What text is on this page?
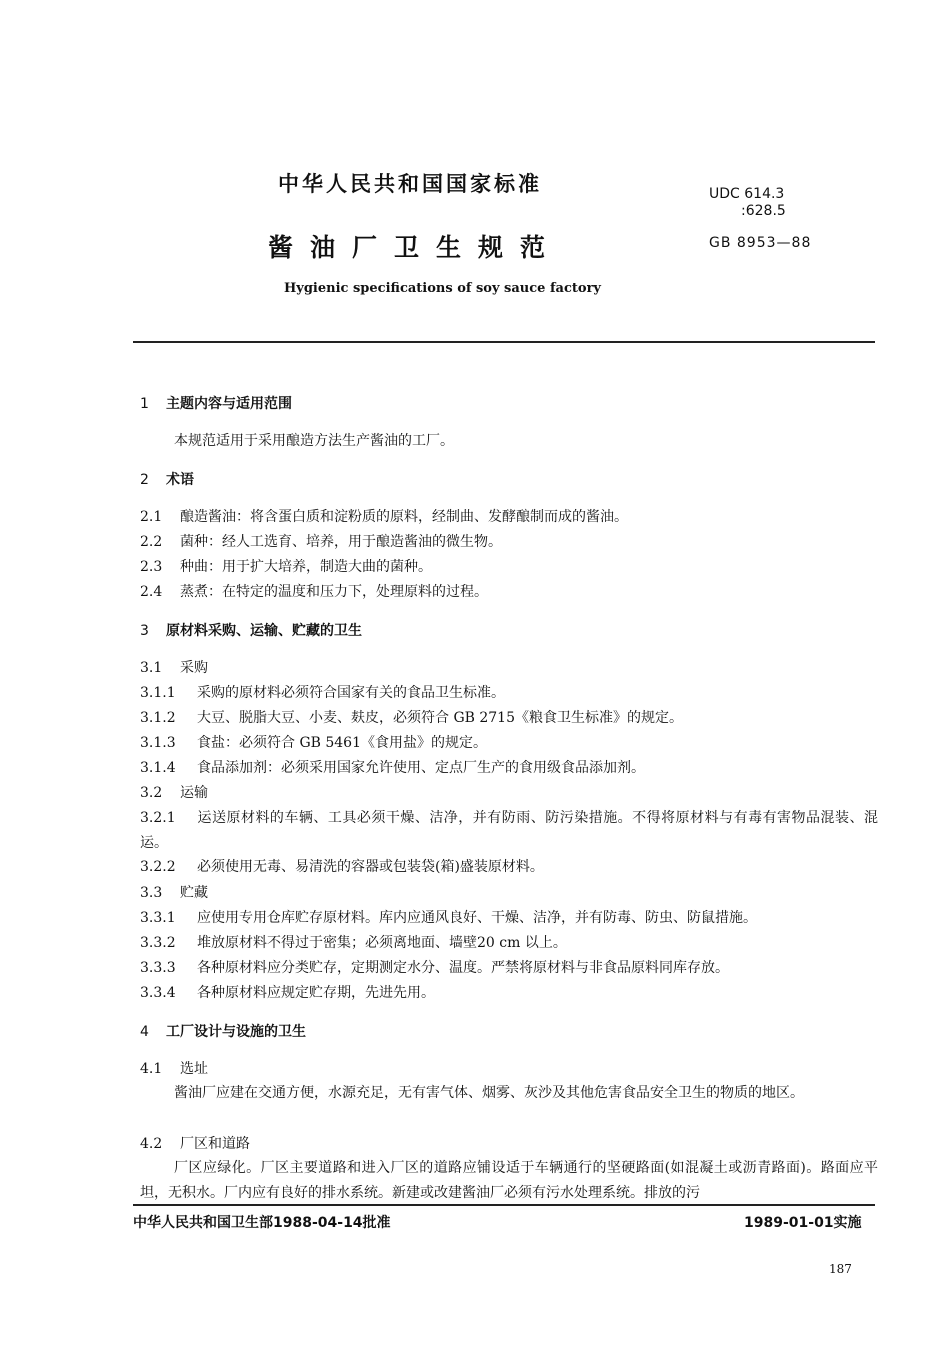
中华人民共和国国家标准	UDC 614.3
:628.5
酱油厂卫生规范	GB 8953—88
Hygienic specifications of soy sauce factory
1 主题内容与适用范围
本规范适用于采用酿造方法生产酱油的工厂。
2 术语
2.1 酿造酱油：将含蛋白质和淀粉质的原料，经制曲、发酵酿制而成的酱油。
2.2 菌种：经人工选育、培养，用于酿造酱油的微生物。
2.3 种曲：用于扩大培养，制造大曲的菌种。
2.4 蒸煮：在特定的温度和压力下，处理原料的过程。
3 原材料采购、运输、贮藏的卫生
3.1 采购
3.1.1 采购的原材料必须符合国家有关的食品卫生标准。
3.1.2 大豆、脱脂大豆、小麦、麸皮，必须符合 GB 2715《粮食卫生标准》的规定。
3.1.3 食盐：必须符合 GB 5461《食用盐》的规定。
3.1.4 食品添加剂：必须采用国家允许使用、定点厂生产的食用级食品添加剂。
3.2 运输
3.2.1 运送原材料的车辆、工具必须干燥、洁净，并有防雨、防污染措施。不得将原材料与有毒有害物品混装、混运。
3.2.2 必须使用无毒、易清洗的容器或包装袋(箱)盛装原材料。
3.3 贮藏
3.3.1 应使用专用仓库贮存原材料。库内应通风良好、干燥、洁净，并有防毒、防虫、防鼠措施。
3.3.2 堆放原材料不得过于密集；必须离地面、墙壁20 cm 以上。
3.3.3 各种原材料应分类贮存，定期测定水分、温度。严禁将原材料与非食品原料同库存放。
3.3.4 各种原材料应规定贮存期，先进先用。
4 工厂设计与设施的卫生
4.1 选址
酱油厂应建在交通方便，水源充足，无有害气体、烟雾、灰沙及其他危害食品安全卫生的物质的地区。
4.2 厂区和道路
厂区应绿化。厂区主要道路和进入厂区的道路应铺设适于车辆通行的坚硬路面(如混凝土或沥青路面)。路面应平坦，无积水。厂内应有良好的排水系统。新建或改建酱油厂必须有污水处理系统。排放的污
中华人民共和国卫生部1988-04-14批准	1989-01-01实施
187
